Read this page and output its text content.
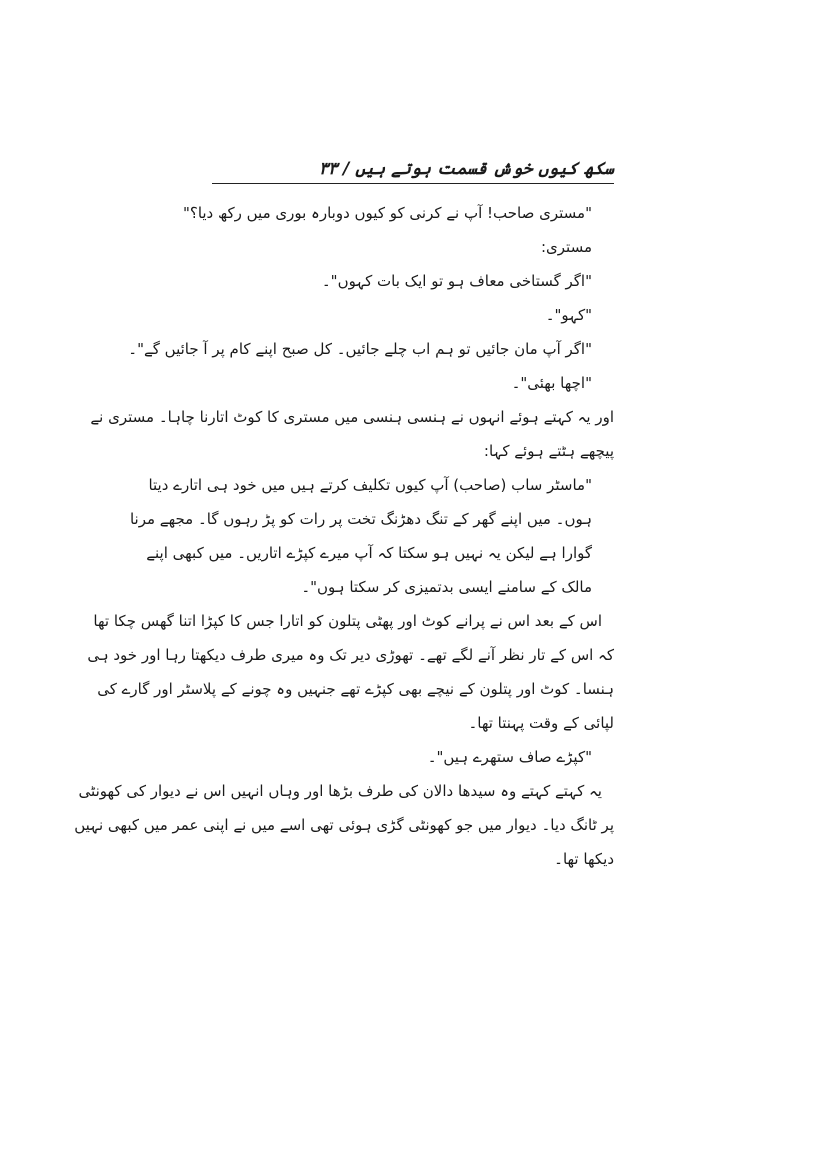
سکھ کیوں خوش قسمت ہوتے ہیں / ۳۳
"مستری صاحب! آپ نے کرنی کو کیوں دوبارہ بوری میں رکھ دیا؟"
مستری:
"اگر گستاخی معاف ہو تو ایک بات کہوں"۔
"کہو"۔
"اگر آپ مان جائیں تو ہم اب چلے جائیں۔ کل صبح اپنے کام پر آ جائیں گے"۔
"اچھا بھئی"۔
اور یہ کہتے ہوئے انہوں نے ہنسی ہنسی میں مستری کا کوٹ اتارنا چاہا۔ مستری نے
پیچھے ہٹتے ہوئے کہا:
"ماسٹر ساب (صاحب) آپ کیوں تکلیف کرتے ہیں میں خود ہی اتارے دیتا
ہوں۔ میں اپنے گھر کے تنگ دھڑنگ تخت پر رات کو پڑ رہوں گا۔ مجھے مرنا
گوارا ہے لیکن یہ نہیں ہو سکتا کہ آپ میرے کپڑے اتاریں۔ میں کبھی اپنے
مالک کے سامنے ایسی بدتمیزی کر سکتا ہوں"۔
اس کے بعد اس نے پرانے کوٹ اور پھٹی پتلون کو اتارا جس کا کپڑا اتنا گھس چکا تھا
کہ اس کے تار نظر آنے لگے تھے۔ تھوڑی دیر تک وہ میری طرف دیکھتا رہا اور خود ہی
ہنسا۔ کوٹ اور پتلون کے نیچے بھی کپڑے تھے جنہیں وہ چونے کے پلاسٹر اور گارے کی
لپائی کے وقت پہنتا تھا۔
"کپڑے صاف ستھرے ہیں"۔
یہ کہتے کہتے وہ سیدھا دالان کی طرف بڑھا اور وہاں انہیں اس نے دیوار کی کھونٹی
پر ٹانگ دیا۔ دیوار میں جو کھونٹی گڑی ہوئی تھی اسے میں نے اپنی عمر میں کبھی نہیں
دیکھا تھا۔
